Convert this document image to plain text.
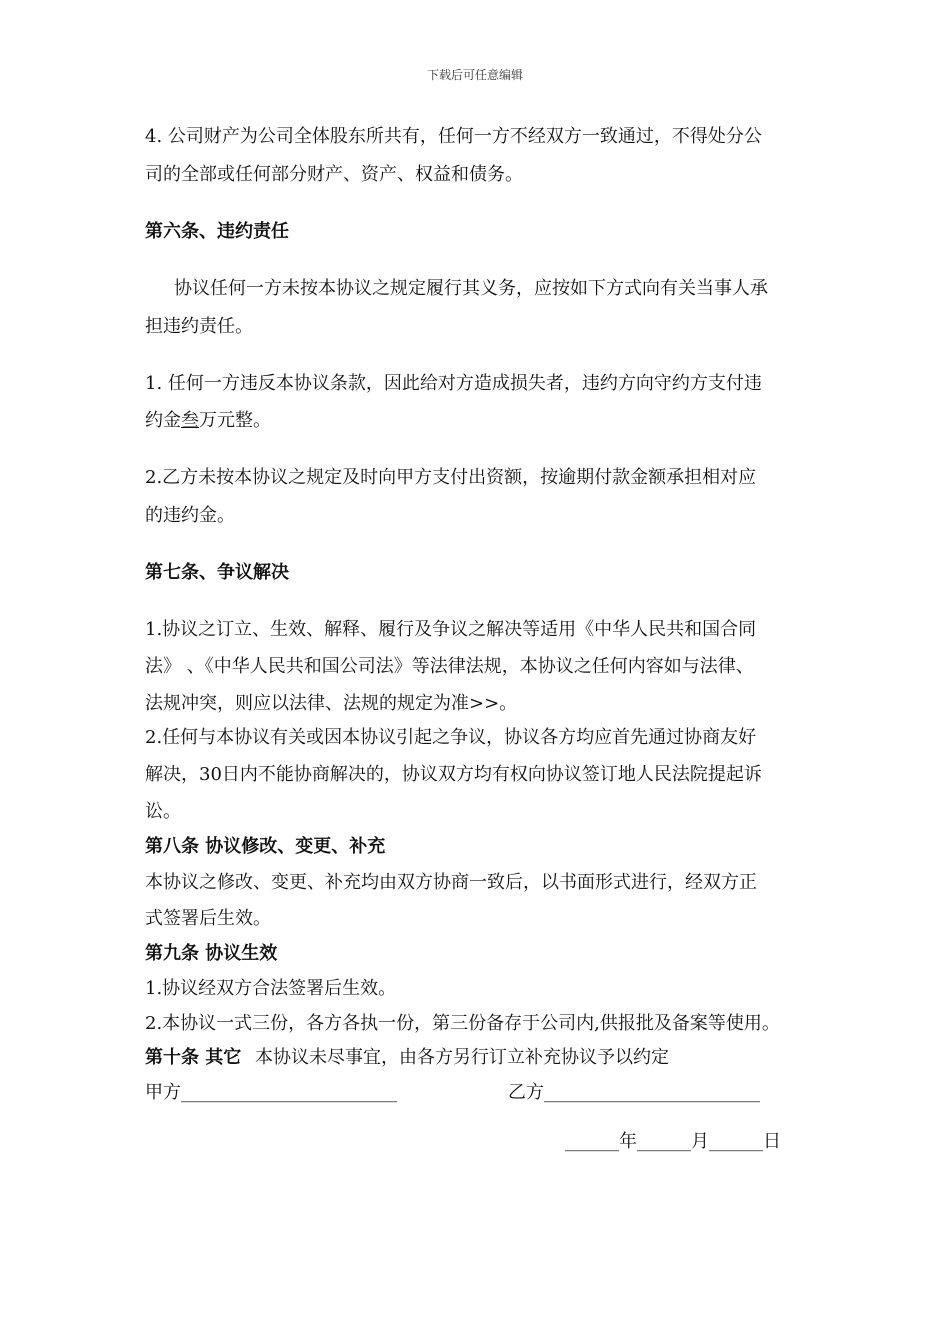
下载后可任意编辑
4. 公司财产为公司全体股东所共有，任何一方不经双方一致通过，不得处分公
司的全部或任何部分财产、资产、权益和债务。
第六条、违约责任
协议任何一方未按本协议之规定履行其义务，应按如下方式向有关当事人承
担违约责任。
1. 任何一方违反本协议条款，因此给对方造成损失者，违约方向守约方支付违
约金叁万元整。
2.乙方未按本协议之规定及时向甲方支付出资额，按逾期付款金额承担相对应
的违约金。
第七条、争议解决
1.协议之订立、生效、解释、履行及争议之解决等适用《中华人民共和国合同
法》 、《中华人民共和国公司法》等法律法规，本协议之任何内容如与法律、
法规冲突，则应以法律、法规的规定为准>>。
2.任何与本协议有关或因本协议引起之争议，协议各方均应首先通过协商友好
解决，30日内不能协商解决的，协议双方均有权向协议签订地人民法院提起诉
讼。
第八条 协议修改、变更、补充
本协议之修改、变更、补充均由双方协商一致后，以书面形式进行，经双方正
式签署后生效。
第九条 协议生效
1.协议经双方合法签署后生效。
2.本协议一式三份，各方各执一份，第三份备存于公司内,供报批及备案等使用。
第十条 其它 本协议未尽事宜，由各方另行订立补充协议予以约定
甲方________________________	乙方________________________
______年______月______日
